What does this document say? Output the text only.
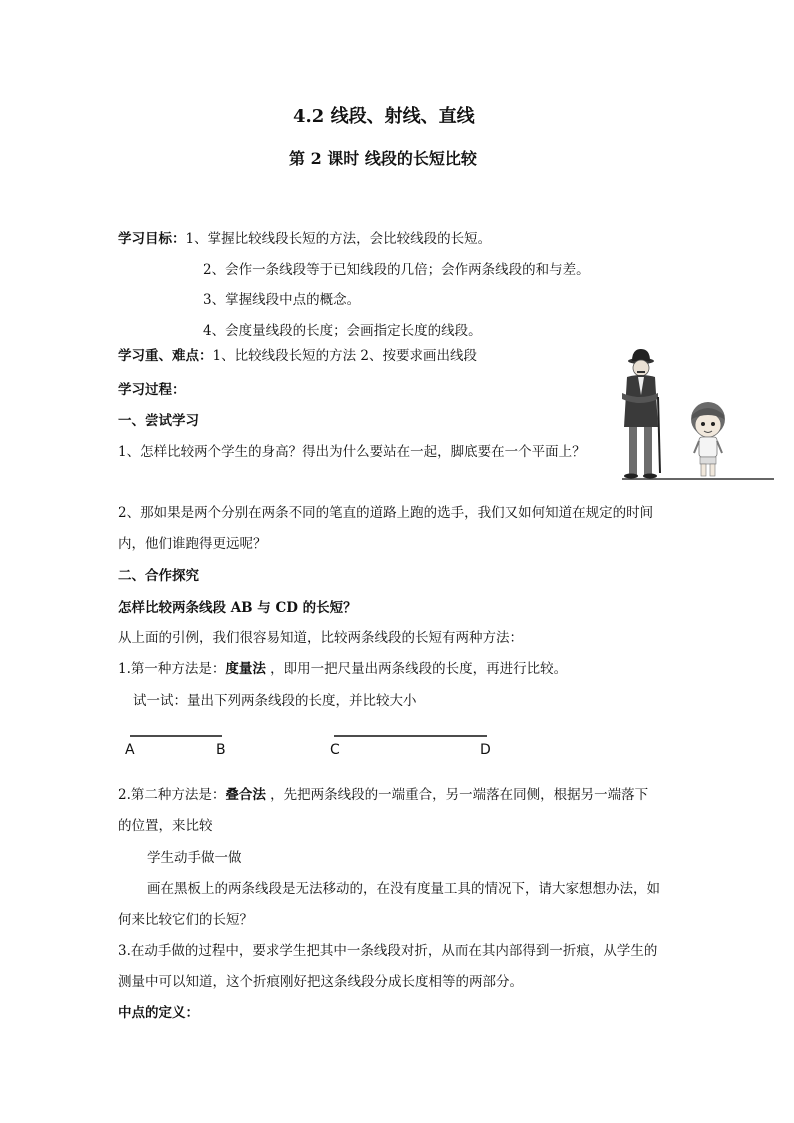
4.2 线段、射线、直线
第 2 课时 线段的长短比较
学习目标：1、掌握比较线段长短的方法，会比较线段的长短。
2、会作一条线段等于已知线段的几倍；会作两条线段的和与差。
3、掌握线段中点的概念。
4、会度量线段的长度；会画指定长度的线段。
学习重、难点：1、比较线段长短的方法 2、按要求画出线段
学习过程：
一、尝试学习
1、怎样比较两个学生的身高？得出为什么要站在一起，脚底要在一个平面上？
2、那如果是两个分别在两条不同的笔直的道路上跑的选手，我们又如何知道在规定的时间
内，他们谁跑得更远呢？
二、合作探究
怎样比较两条线段 AB 与 CD 的长短？
从上面的引例，我们很容易知道，比较两条线段的长短有两种方法：
1.第一种方法是：度量法 ，即用一把尺量出两条线段的长度，再进行比较。
试一试：量出下列两条线段的长度，并比较大小
A	B	C	D
2.第二种方法是：叠合法 ，先把两条线段的一端重合，另一端落在同侧，根据另一端落下
的位置，来比较
学生动手做一做
画在黑板上的两条线段是无法移动的，在没有度量工具的情况下，请大家想想办法，如
何来比较它们的长短？
3.在动手做的过程中，要求学生把其中一条线段对折，从而在其内部得到一折痕，从学生的
测量中可以知道，这个折痕刚好把这条线段分成长度相等的两部分。
中点的定义：
